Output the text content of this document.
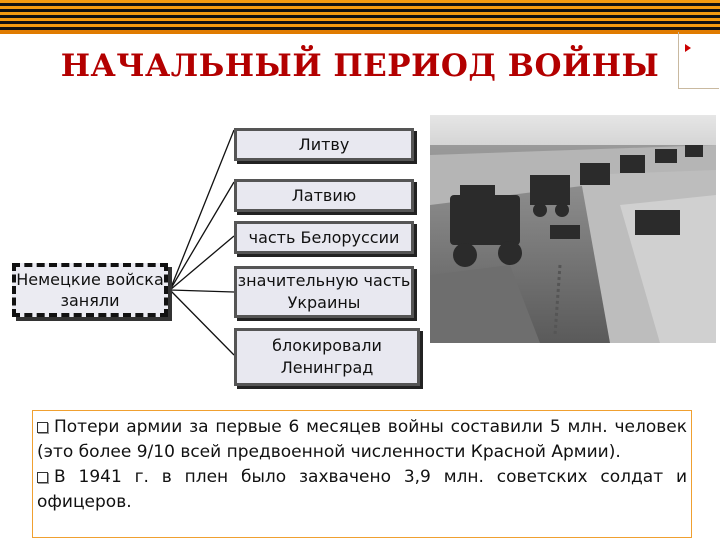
НАЧАЛЬНЫЙ ПЕРИОД ВОЙНЫ
Литву
Латвию
часть Белоруссии
значительную часть Украины
блокировали Ленинград
Немецкие войска заняли

Потери армии за первые 6 месяцев войны составили 5 млн. человек (это более 9/10 всей предвоенной численности Красной Армии).

В 1941 г. в плен было захвачено 3,9 млн. советских солдат и офицеров.
